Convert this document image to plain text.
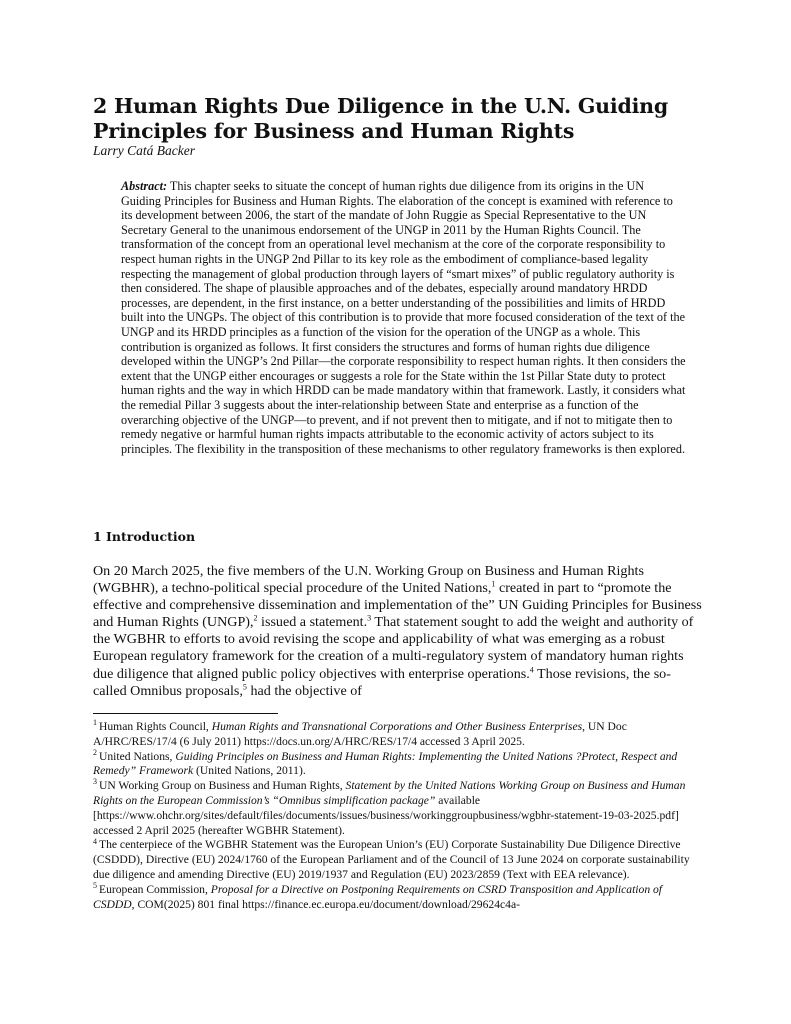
2 Human Rights Due Diligence in the U.N. Guiding Principles for Business and Human Rights
Larry Catá Backer

Abstract: This chapter seeks to situate the concept of human rights due diligence from its origins in the UN Guiding Principles for Business and Human Rights. The elaboration of the concept is examined with reference to its development between 2006, the start of the mandate of John Ruggie as Special Representative to the UN Secretary General to the unanimous endorsement of the UNGP in 2011 by the Human Rights Council. The transformation of the concept from an operational level mechanism at the core of the corporate responsibility to respect human rights in the UNGP 2nd Pillar to its key role as the embodiment of compliance-based legality respecting the management of global production through layers of “smart mixes” of public regulatory authority is then considered. The shape of plausible approaches and of the debates, especially around mandatory HRDD processes, are dependent, in the first instance, on a better understanding of the possibilities and limits of HRDD built into the UNGPs. The object of this contribution is to provide that more focused consideration of the text of the UNGP and its HRDD principles as a function of the vision for the operation of the UNGP as a whole. This contribution is organized as follows. It first considers the structures and forms of human rights due diligence developed within the UNGP’s 2nd Pillar—the corporate responsibility to respect human rights. It then considers the extent that the UNGP either encourages or suggests a role for the State within the 1st Pillar State duty to protect human rights and the way in which HRDD can be made mandatory within that framework. Lastly, it considers what the remedial Pillar 3 suggests about the inter-relationship between State and enterprise as a function of the overarching objective of the UNGP—to prevent, and if not prevent then to mitigate, and if not to mitigate then to remedy negative or harmful human rights impacts attributable to the economic activity of actors subject to its principles. The flexibility in the transposition of these mechanisms to other regulatory frameworks is then explored.

1 Introduction

On 20 March 2025, the five members of the U.N. Working Group on Business and Human Rights (WGBHR), a techno-political special procedure of the United Nations,$^1$ created in part to “promote the effective and comprehensive dissemination and implementation of the” UN Guiding Principles for Business and Human Rights (UNGP),$^2$ issued a statement.$^3$ That statement sought to add the weight and authority of the WGBHR to efforts to avoid revising the scope and applicability of what was emerging as a robust European regulatory framework for the creation of a multi-regulatory system of mandatory human rights due diligence that aligned public policy objectives with enterprise operations.$^4$ Those revisions, the so-called Omnibus proposals,$^5$ had the objective of

$^1$ Human Rights Council, Human Rights and Transnational Corporations and Other Business Enterprises, UN Doc A/HRC/RES/17/4 (6 July 2011) https://docs.un.org/A/HRC/RES/17/4 accessed 3 April 2025.
$^2$ United Nations, Guiding Principles on Business and Human Rights: Implementing the United Nations ?Protect, Respect and Remedy” Framework (United Nations, 2011).
$^3$ UN Working Group on Business and Human Rights, Statement by the United Nations Working Group on Business and Human Rights on the European Commission’s “Omnibus simplification package” available [https://www.ohchr.org/sites/default/files/documents/issues/business/workinggroupbusiness/wgbhr-statement-19-03-2025.pdf] accessed 2 April 2025 (hereafter WGBHR Statement).
$^4$ The centerpiece of the WGBHR Statement was the European Union’s (EU) Corporate Sustainability Due Diligence Directive (CSDDD), Directive (EU) 2024/1760 of the European Parliament and of the Council of 13 June 2024 on corporate sustainability due diligence and amending Directive (EU) 2019/1937 and Regulation (EU) 2023/2859 (Text with EEA relevance).
$^5$ European Commission, Proposal for a Directive on Postponing Requirements on CSRD Transposition and Application of CSDDD, COM(2025) 801 final https://finance.ec.europa.eu/document/download/29624c4a-
